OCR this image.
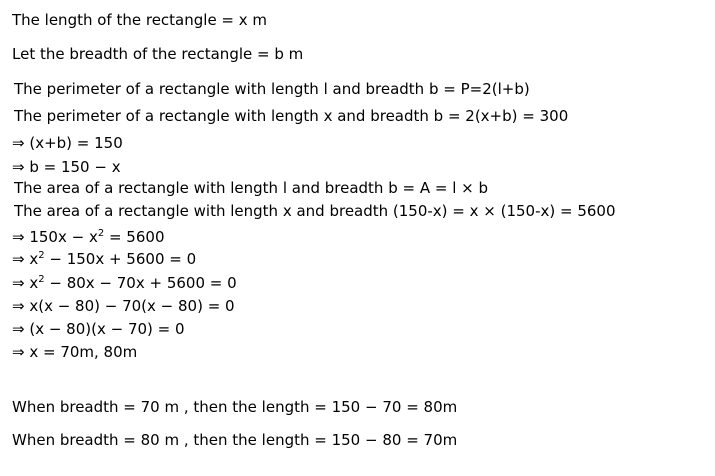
The length of the rectangle = x m
Let the breadth of the rectangle = b m
The perimeter of a rectangle with length l and breadth b = P=2(l+b)
The perimeter of a rectangle with length x and breadth b = 2(x+b) = 300
⇒ (x+b) = 150
⇒ b = 150 − x
The area of a rectangle with length l and breadth b = A = l × b
The area of a rectangle with length x and breadth (150-x) = x × (150-x) = 5600
⇒ $150x - x^2 = 5600$
⇒ $x^2 - 150x + 5600 = 0$
⇒ $x^2 - 80x - 70x + 5600 = 0$
⇒ x(x − 80) − 70(x − 80) = 0
⇒ (x − 80)(x − 70) = 0
⇒ x = 70m, 80m
When breadth = 70 m , then the length = 150 − 70 = 80m
When breadth = 80 m , then the length = 150 − 80 = 70m
